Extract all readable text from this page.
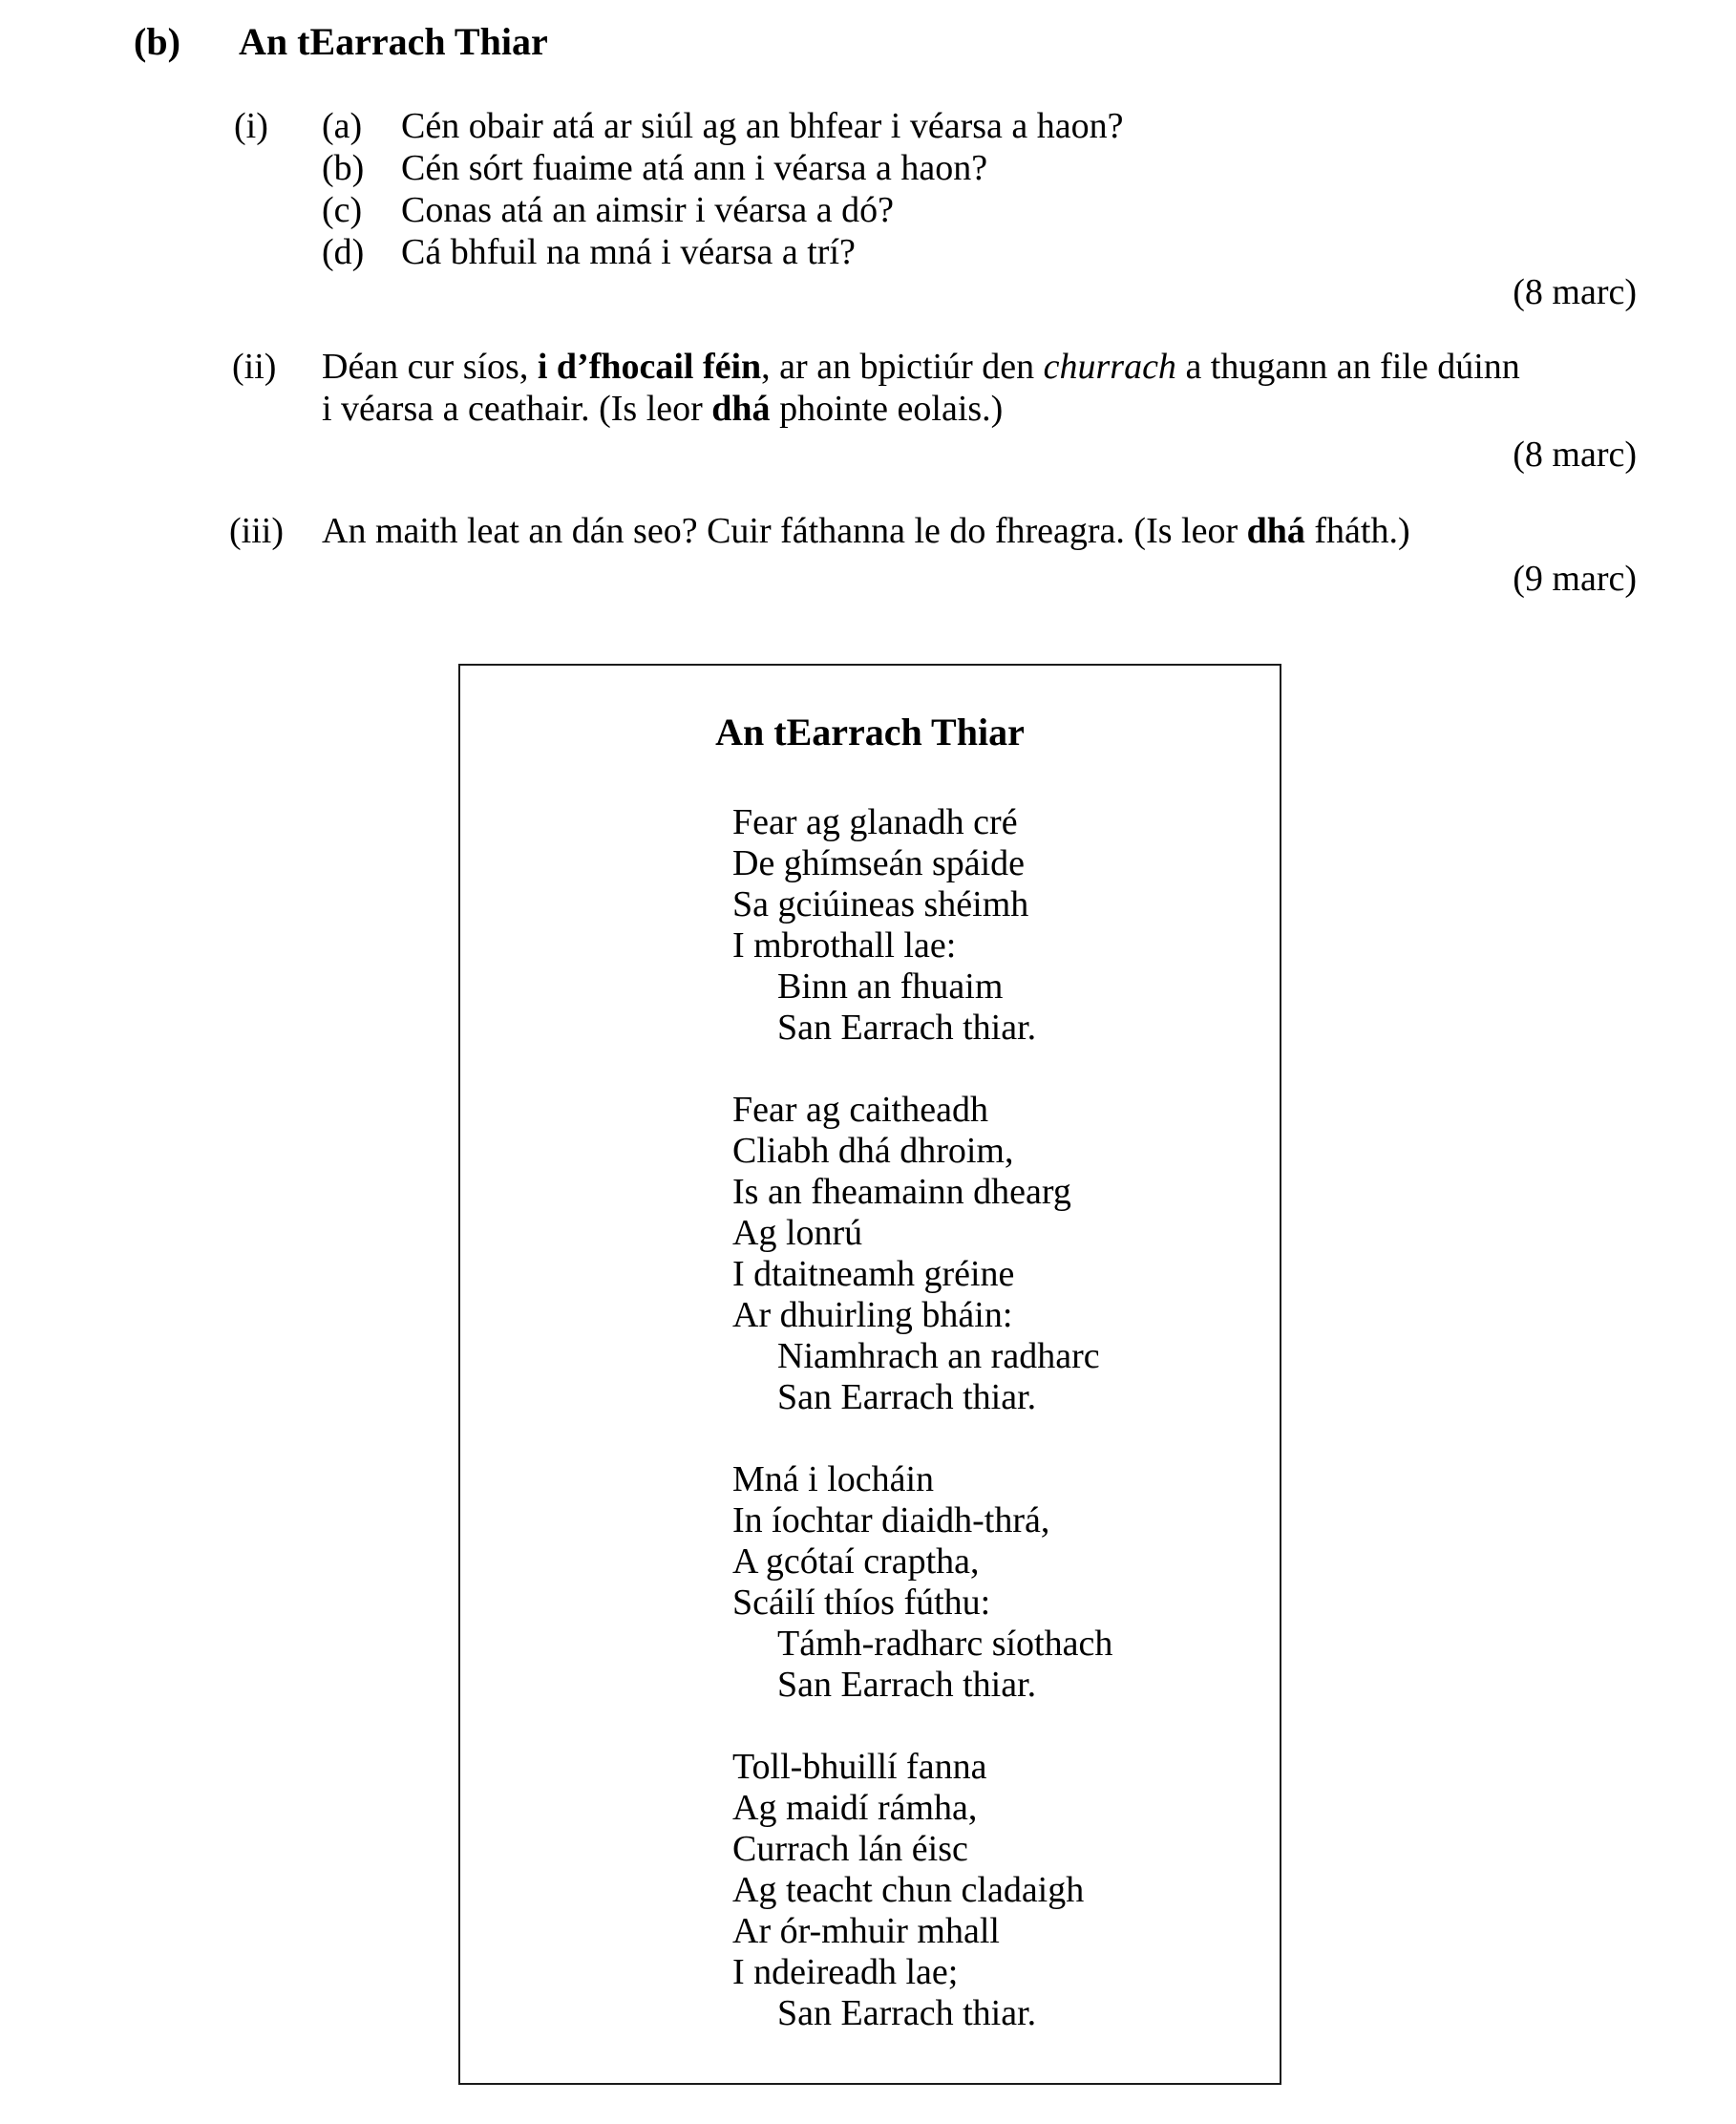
(b) An tEarrach Thiar
(i) (a)	Cén obair atá ar siúl ag an bhfear i véarsa a haon?
(b)	Cén sórt fuaime atá ann i véarsa a haon?
(c)	Conas atá an aimsir i véarsa a dó?
(d)	Cá bhfuil na mná i véarsa a trí?
(8 marc)
(ii) Déan cur síos, i d’fhocail féin, ar an bpictiúr den churrach a thugann an file dúinn
i véarsa a ceathair. (Is leor dhá phointe eolais.)
(8 marc)
(iii) An maith leat an dán seo? Cuir fáthanna le do fhreagra. (Is leor dhá fháth.)
(9 marc)
An tEarrach Thiar
Fear ag glanadh cré
De ghímseán spáide
Sa gciúineas shéimh
I mbrothall lae:
Binn an fhuaim
San Earrach thiar.
Fear ag caitheadh
Cliabh dhá dhroim,
Is an fheamainn dhearg
Ag lonrú
I dtaitneamh gréine
Ar dhuirling bháin:
Niamhrach an radharc
San Earrach thiar.
Mná i locháin
In íochtar diaidh-thrá,
A gcótaí craptha,
Scáilí thíos fúthu:
Támh-radharc síothach
San Earrach thiar.
Toll-bhuillí fanna
Ag maidí rámha,
Currach lán éisc
Ag teacht chun cladaigh
Ar ór-mhuir mhall
I ndeireadh lae;
San Earrach thiar.
